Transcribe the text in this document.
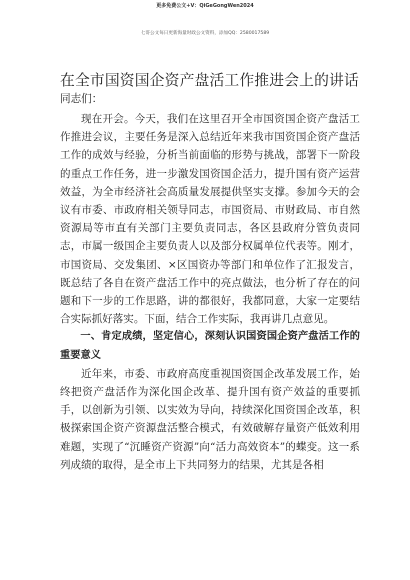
更多免费公文+V：QiGeGongWen2024
七哥公文每日更新海量时政公文资料，添加QQ：2580017589
在全市国资国企资产盘活工作推进会上的讲话
同志们：

现在开会。今天，我们在这里召开全市国资国企资产盘活工作推进会议，主要任务是深入总结近年来我市国资国企资产盘活工作的成效与经验，分析当前面临的形势与挑战，部署下一阶段的重点工作任务，进一步激发国资国企活力，提升国有资产运营效益，为全市经济社会高质量发展提供坚实支撑。参加今天的会议有市委、市政府相关领导同志，市国资局、市财政局、市自然资源局等市直有关部门主要负责同志，各区县政府分管负责同志，市属一级国企主要负责人以及部分权属单位代表等。刚才，市国资局、交发集团、×区国资办等部门和单位作了汇报发言，既总结了各自在资产盘活工作中的亮点做法，也分析了存在的问题和下一步的工作思路，讲的都很好，我都同意，大家一定要结合实际抓好落实。下面，结合工作实际，我再讲几点意见。

一、肯定成绩，坚定信心，深刻认识国资国企资产盘活工作的重要意义

近年来，市委、市政府高度重视国资国企改革发展工作，始终把资产盘活作为深化国企改革、提升国有资产效益的重要抓手，以创新为引领、以实效为导向，持续深化国资国企改革，积极探索国企资产资源盘活整合模式，有效破解存量资产低效利用难题，实现了“沉睡资产资源”向“活力高效资本”的蝶变。这一系列成绩的取得，是全市上下共同努力的结果，尤其是各相
